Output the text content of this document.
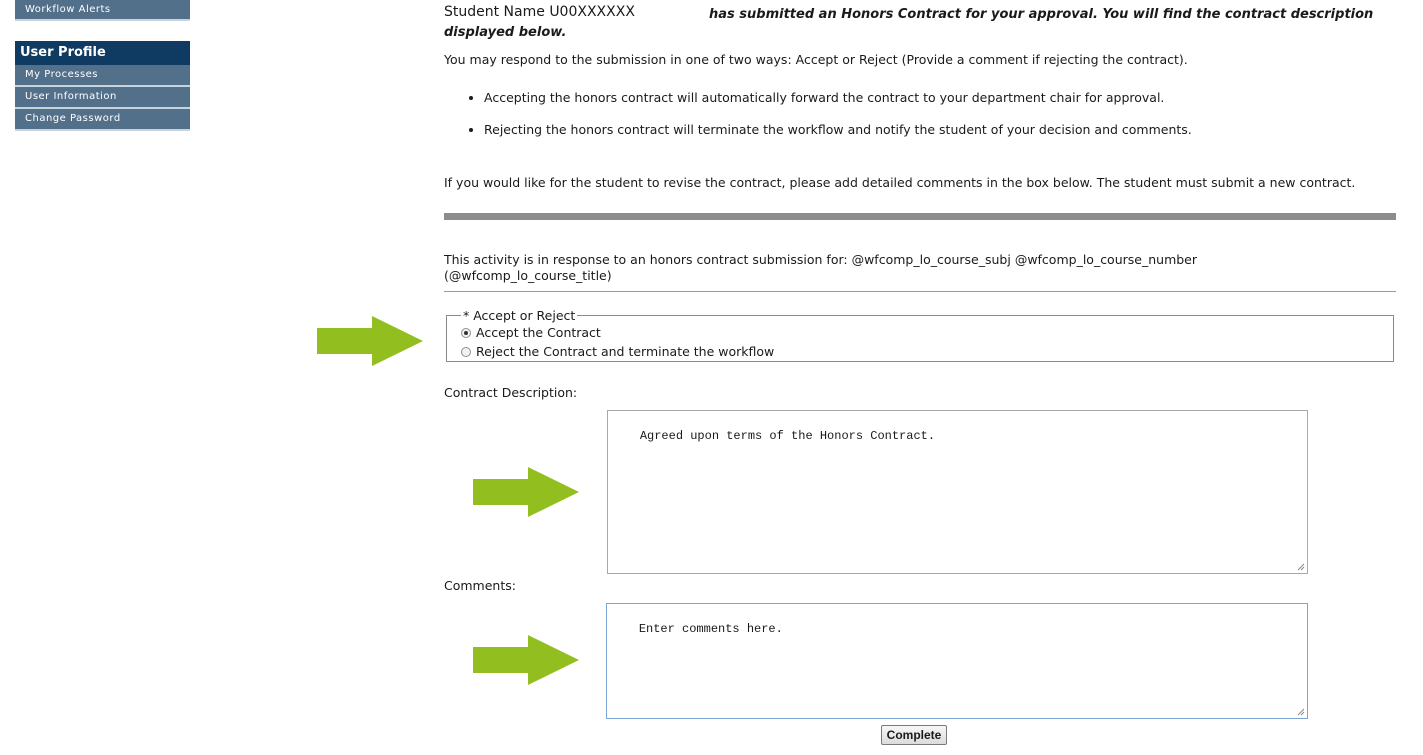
Workflow Alerts
User Profile
My Processes
User Information
Change Password
Student Name U00XXXXXX	has submitted an Honors Contract for your approval. You will find the contract description
displayed below.
You may respond to the submission in one of two ways: Accept or Reject (Provide a comment if rejecting the contract).
• Accepting the honors contract will automatically forward the contract to your department chair for approval.
• Rejecting the honors contract will terminate the workflow and notify the student of your decision and comments.
If you would like for the student to revise the contract, please add detailed comments in the box below. The student must submit a new contract.
This activity is in response to an honors contract submission for: @wfcomp_lo_course_subj @wfcomp_lo_course_number (@wfcomp_lo_course_title)
* Accept or Reject
Accept the Contract
Reject the Contract and terminate the workflow
Contract Description:

Agreed upon terms of the Honors Contract.

Comments:

Enter comments here.

Complete
